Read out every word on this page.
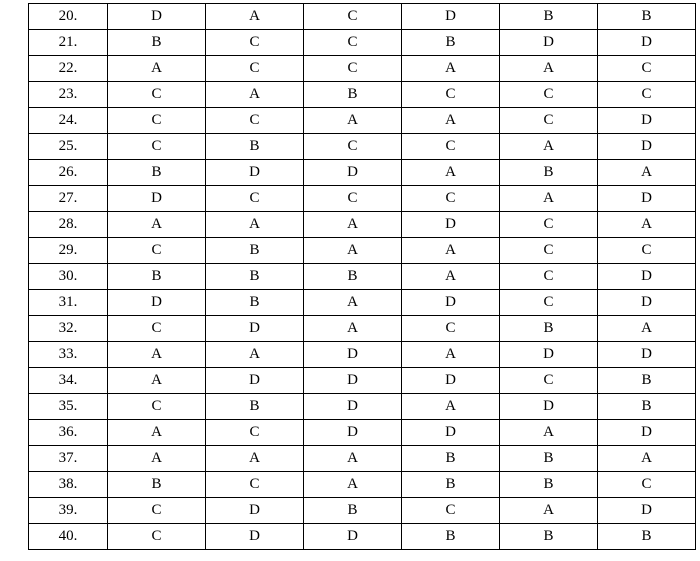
20.	D	A	C	D	B	B
21.	B	C	C	B	D	D
22.	A	C	C	A	A	C
23.	C	A	B	C	C	C
24.	C	C	A	A	C	D
25.	C	B	C	C	A	D
26.	B	D	D	A	B	A
27.	D	C	C	C	A	D
28.	A	A	A	D	C	A
29.	C	B	A	A	C	C
30.	B	B	B	A	C	D
31.	D	B	A	D	C	D
32.	C	D	A	C	B	A
33.	A	A	D	A	D	D
34.	A	D	D	D	C	B
35.	C	B	D	A	D	B
36.	A	C	D	D	A	D
37.	A	A	A	B	B	A
38.	B	C	A	B	B	C
39.	C	D	B	C	A	D
40.	C	D	D	B	B	B
